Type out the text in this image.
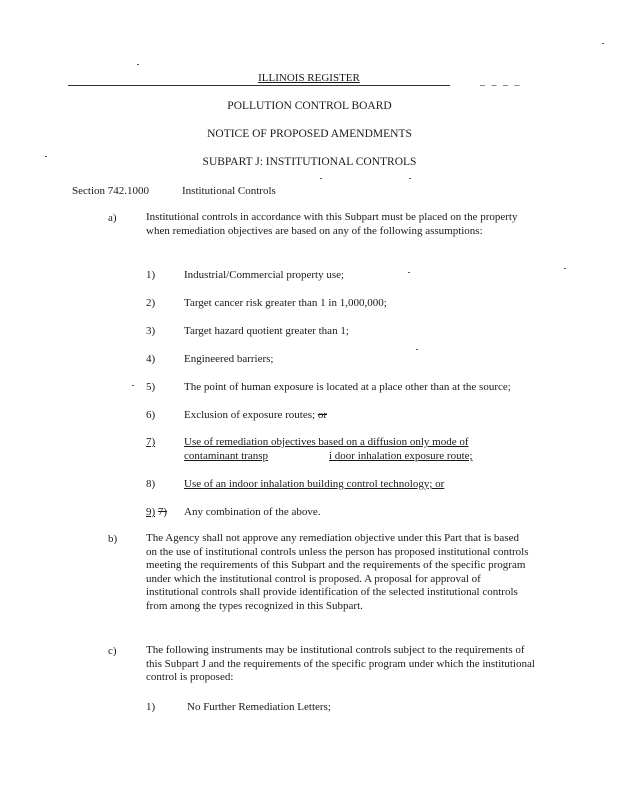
ILLINOIS REGISTER	_ _ _ _
POLLUTION CONTROL BOARD
NOTICE OF PROPOSED AMENDMENTS
SUBPART J: INSTITUTIONAL CONTROLS
Section 742.1000	Institutional Controls
a)	Institutional controls in accordance with this Subpart must be placed on the property when remediation objectives are based on any of the following assumptions:
1)	Industrial/Commercial property use;
2)	Target cancer risk greater than 1 in 1,000,000;
3)	Target hazard quotient greater than 1;
4)	Engineered barriers;
5)	The point of human exposure is located at a place other than at the source;
6)	Exclusion of exposure routes; or
7)	Use of remediation objectives based on a diffusion only mode of
contaminant transp	i door inhalation exposure route;
8)	Use of an indoor inhalation building control technology; or
9) 7) Any combination of the above.
b)	The Agency shall not approve any remediation objective under this Part that is based on the use of institutional controls unless the person has proposed institutional controls meeting the requirements of this Subpart and the requirements of the specific program under which the institutional control is proposed. A proposal for approval of institutional controls shall provide identification of the selected institutional controls from among the types recognized in this Subpart.
c)	The following instruments may be institutional controls subject to the requirements of this Subpart J and the requirements of the specific program under which the institutional control is proposed:
1)	No Further Remediation Letters;
